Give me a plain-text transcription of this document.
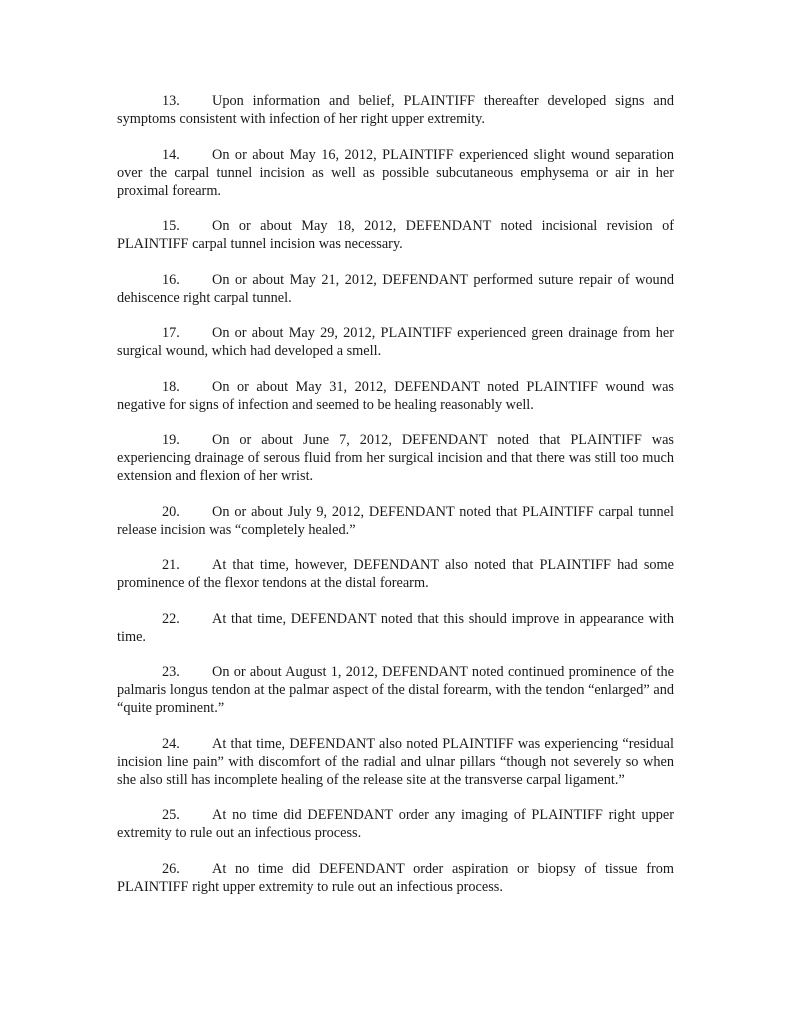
13. Upon information and belief, PLAINTIFF thereafter developed signs and symptoms consistent with infection of her right upper extremity.

14. On or about May 16, 2012, PLAINTIFF experienced slight wound separation over the carpal tunnel incision as well as possible subcutaneous emphysema or air in her proximal forearm.

15. On or about May 18, 2012, DEFENDANT noted incisional revision of PLAINTIFF carpal tunnel incision was necessary.

16. On or about May 21, 2012, DEFENDANT performed suture repair of wound dehiscence right carpal tunnel.

17. On or about May 29, 2012, PLAINTIFF experienced green drainage from her surgical wound, which had developed a smell.

18. On or about May 31, 2012, DEFENDANT noted PLAINTIFF wound was negative for signs of infection and seemed to be healing reasonably well.

19. On or about June 7, 2012, DEFENDANT noted that PLAINTIFF was experiencing drainage of serous fluid from her surgical incision and that there was still too much extension and flexion of her wrist.

20. On or about July 9, 2012, DEFENDANT noted that PLAINTIFF carpal tunnel release incision was “completely healed.”

21. At that time, however, DEFENDANT also noted that PLAINTIFF had some prominence of the flexor tendons at the distal forearm.

22. At that time, DEFENDANT noted that this should improve in appearance with time.

23. On or about August 1, 2012, DEFENDANT noted continued prominence of the palmaris longus tendon at the palmar aspect of the distal forearm, with the tendon “enlarged” and “quite prominent.”

24. At that time, DEFENDANT also noted PLAINTIFF was experiencing “residual incision line pain” with discomfort of the radial and ulnar pillars “though not severely so when she also still has incomplete healing of the release site at the transverse carpal ligament.”

25. At no time did DEFENDANT order any imaging of PLAINTIFF right upper extremity to rule out an infectious process.

26. At no time did DEFENDANT order aspiration or biopsy of tissue from PLAINTIFF right upper extremity to rule out an infectious process.
